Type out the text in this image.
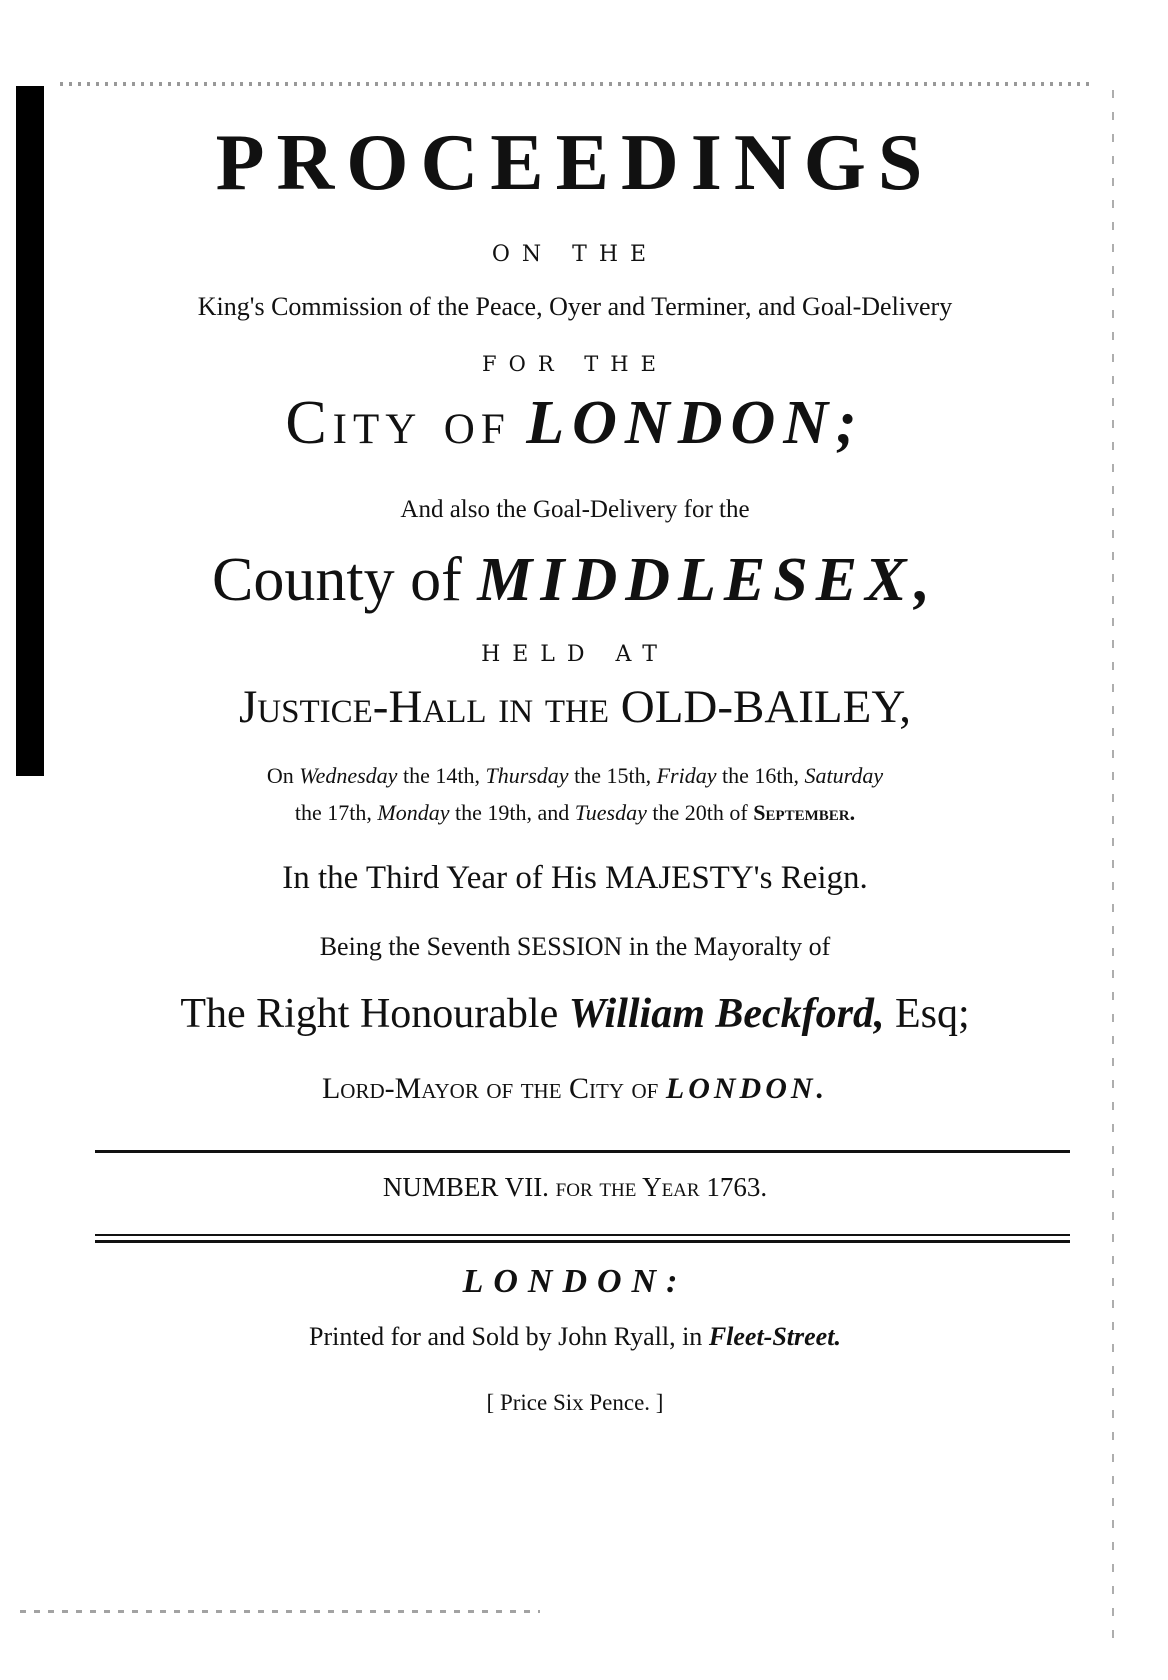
PROCEEDINGS
ON THE
King's Commission of the Peace, Oyer and Terminer, and Goal-Delivery
FOR THE
City of LONDON;
And also the Goal-Delivery for the
County of MIDDLESEX,
HELD AT
Justice-Hall in the OLD-BAILEY,
On Wednesday the 14th, Thursday the 15th, Friday the 16th, Saturday
the 17th, Monday the 19th, and Tuesday the 20th of September.
In the Third Year of His MAJESTY's Reign.
Being the Seventh SESSION in the Mayoralty of
The Right Honourable William Beckford, Esq;
Lord-Mayor of the City of LONDON.
NUMBER VII. for the Year 1763.
LONDON:
Printed for and Sold by John Ryall, in Fleet-Street.
[ Price Six Pence. ]
